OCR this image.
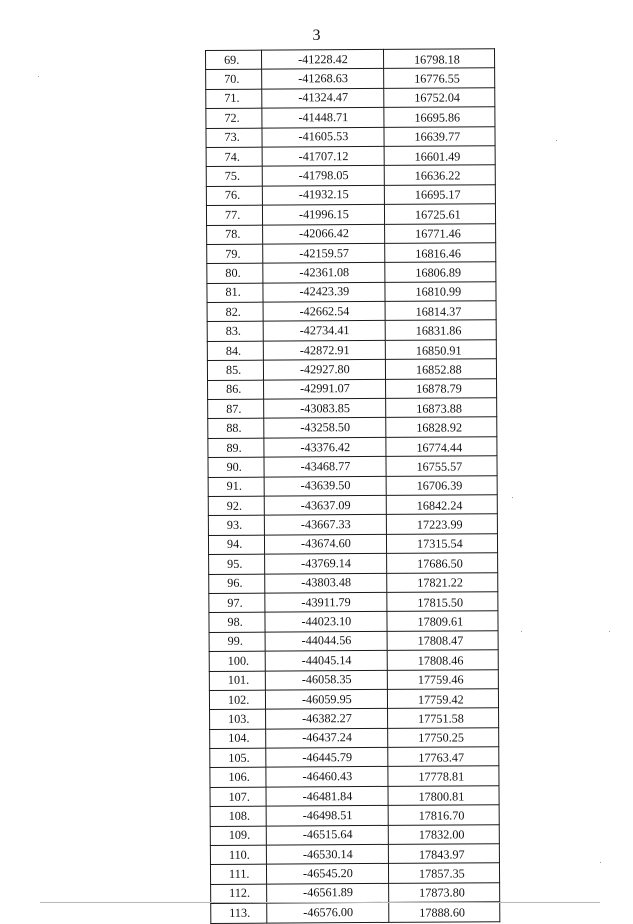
3
69.	-41228.42	16798.18
70.	-41268.63	16776.55
71.	-41324.47	16752.04
72.	-41448.71	16695.86
73.	-41605.53	16639.77
74.	-41707.12	16601.49
75.	-41798.05	16636.22
76.	-41932.15	16695.17
77.	-41996.15	16725.61
78.	-42066.42	16771.46
79.	-42159.57	16816.46
80.	-42361.08	16806.89
81.	-42423.39	16810.99
82.	-42662.54	16814.37
83.	-42734.41	16831.86
84.	-42872.91	16850.91
85.	-42927.80	16852.88
86.	-42991.07	16878.79
87.	-43083.85	16873.88
88.	-43258.50	16828.92
89.	-43376.42	16774.44
90.	-43468.77	16755.57
91.	-43639.50	16706.39
92.	-43637.09	16842.24
93.	-43667.33	17223.99
94.	-43674.60	17315.54
95.	-43769.14	17686.50
96.	-43803.48	17821.22
97.	-43911.79	17815.50
98.	-44023.10	17809.61
99.	-44044.56	17808.47
100.	-44045.14	17808.46
101.	-46058.35	17759.46
102.	-46059.95	17759.42
103.	-46382.27	17751.58
104.	-46437.24	17750.25
105.	-46445.79	17763.47
106.	-46460.43	17778.81
107.	-46481.84	17800.81
108.	-46498.51	17816.70
109.	-46515.64	17832.00
110.	-46530.14	17843.97
111.	-46545.20	17857.35
112.	-46561.89	17873.80
113.	-46576.00	17888.60
